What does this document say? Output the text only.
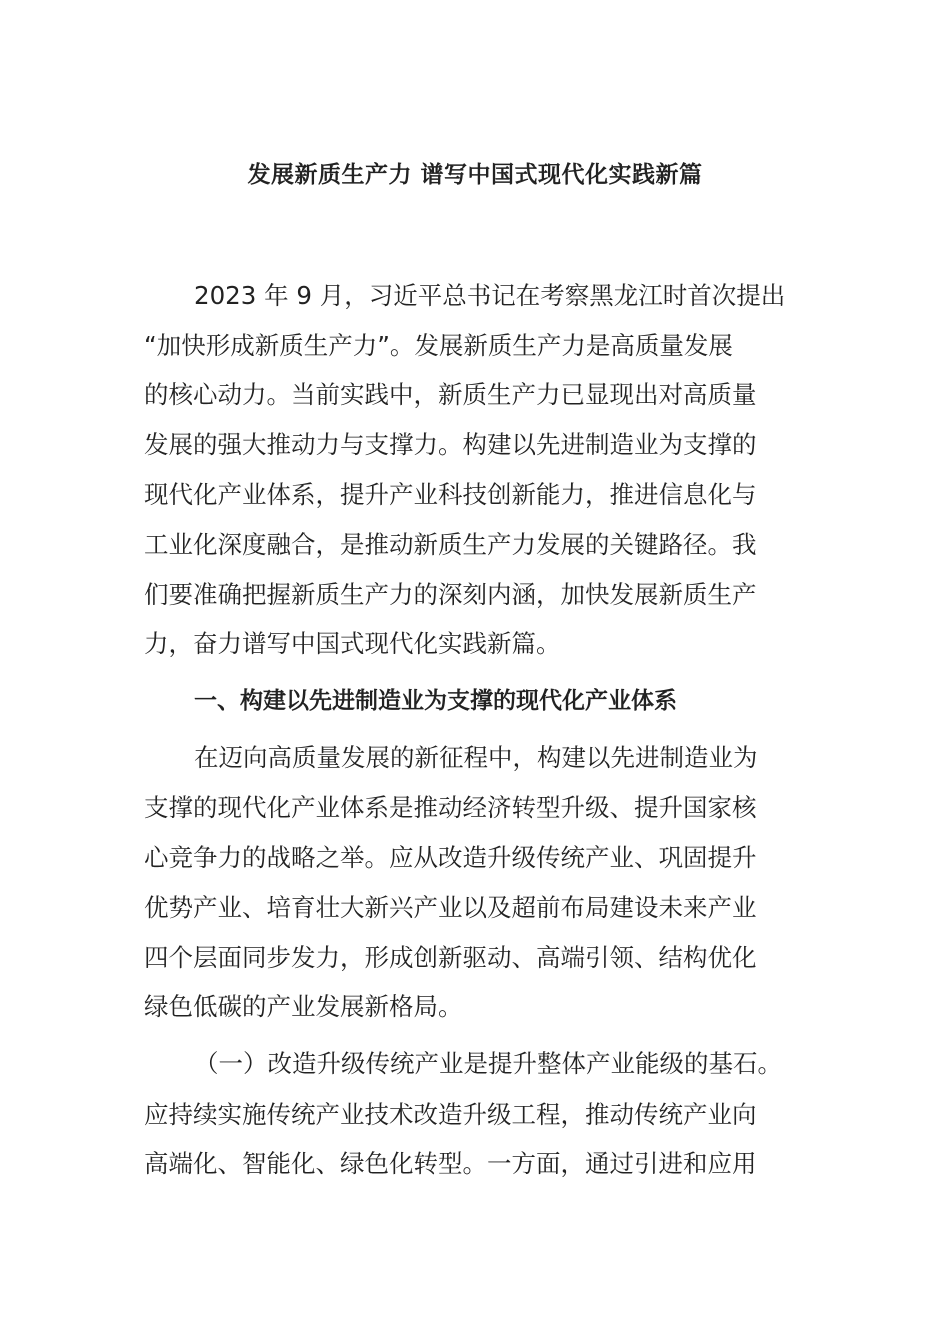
发展新质生产力 谱写中国式现代化实践新篇
2023 年 9 月，习近平总书记在考察黑龙江时首次提出
“加快形成新质生产力”。发展新质生产力是高质量发展
的核心动力。当前实践中，新质生产力已显现出对高质量
发展的强大推动力与支撑力。构建以先进制造业为支撑的
现代化产业体系，提升产业科技创新能力，推进信息化与
工业化深度融合，是推动新质生产力发展的关键路径。我
们要准确把握新质生产力的深刻内涵，加快发展新质生产
力，奋力谱写中国式现代化实践新篇。
一、构建以先进制造业为支撑的现代化产业体系
在迈向高质量发展的新征程中，构建以先进制造业为
支撑的现代化产业体系是推动经济转型升级、提升国家核
心竞争力的战略之举。应从改造升级传统产业、巩固提升
优势产业、培育壮大新兴产业以及超前布局建设未来产业
四个层面同步发力，形成创新驱动、高端引领、结构优化
绿色低碳的产业发展新格局。
（一）改造升级传统产业是提升整体产业能级的基石。
应持续实施传统产业技术改造升级工程，推动传统产业向
高端化、智能化、绿色化转型。一方面，通过引进和应用
